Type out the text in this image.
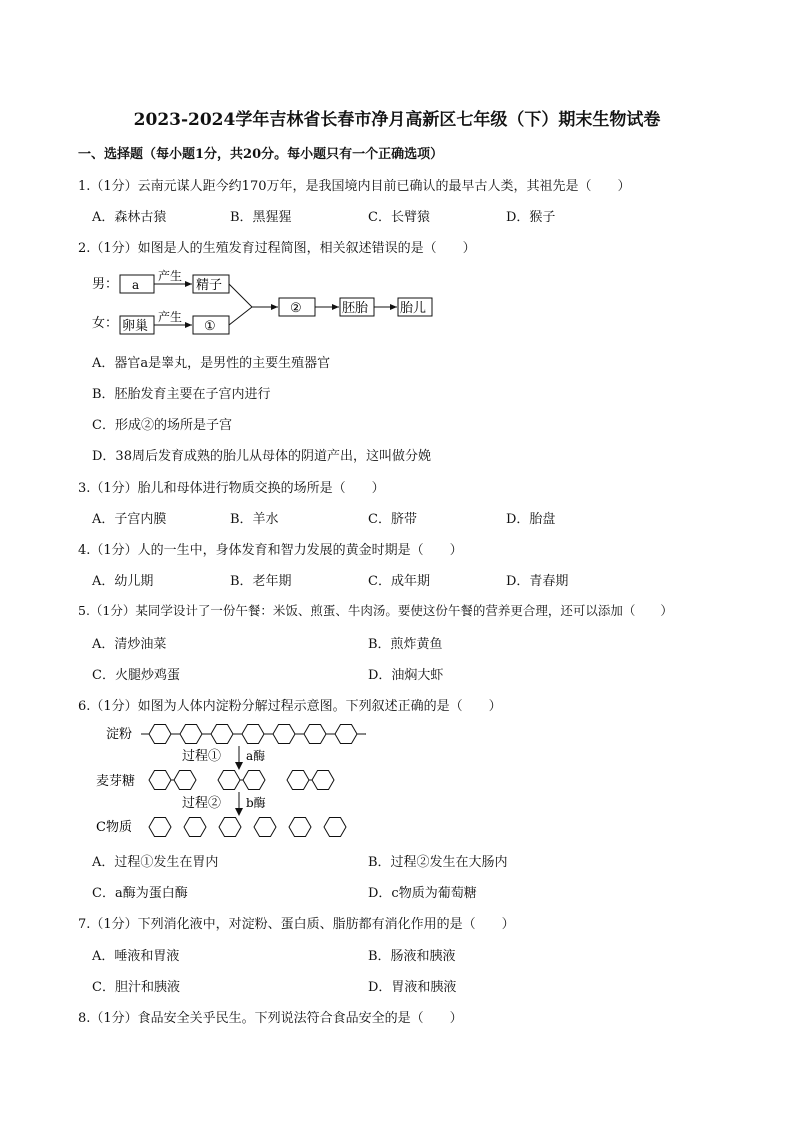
2023-2024学年吉林省长春市净月高新区七年级（下）期末生物试卷
一、选择题（每小题1分，共20分。每小题只有一个正确选项）
1.（1分）云南元谋人距今约170万年，是我国境内目前已确认的最早古人类，其祖先是（　　）
A．森林古猿	B．黑猩猩	C．长臂猿	D．猴子
2.（1分）如图是人的生殖发育过程简图，相关叙述错误的是（　　）
男：
女：
a
产生
精子
卵巢
产生
①
②	胚胎 胎儿
A．器官a是睾丸，是男性的主要生殖器官
B．胚胎发育主要在子宫内进行
C．形成②的场所是子宫
D．38周后发育成熟的胎儿从母体的阴道产出，这叫做分娩
3.（1分）胎儿和母体进行物质交换的场所是（　　）
A．子宫内膜	B．羊水	C．脐带	D．胎盘
4.（1分）人的一生中，身体发育和智力发展的黄金时期是（　　）
A．幼儿期	B．老年期	C．成年期	D．青春期
5.（1分）某同学设计了一份午餐：米饭、煎蛋、牛肉汤。要使这份午餐的营养更合理，还可以添加（　　）
A．清炒油菜	B．煎炸黄鱼
C．火腿炒鸡蛋	D．油焖大虾
6.（1分）如图为人体内淀粉分解过程示意图。下列叙述正确的是（　　）
淀粉
麦芽糖
C物质
过程①
过程②
a酶
b酶
A．过程①发生在胃内	B．过程②发生在大肠内
C．a酶为蛋白酶	D．c物质为葡萄糖
7.（1分）下列消化液中，对淀粉、蛋白质、脂肪都有消化作用的是（　　）
A．唾液和胃液	B．肠液和胰液
C．胆汁和胰液	D．胃液和胰液
8.（1分）食品安全关乎民生。下列说法符合食品安全的是（　　）
